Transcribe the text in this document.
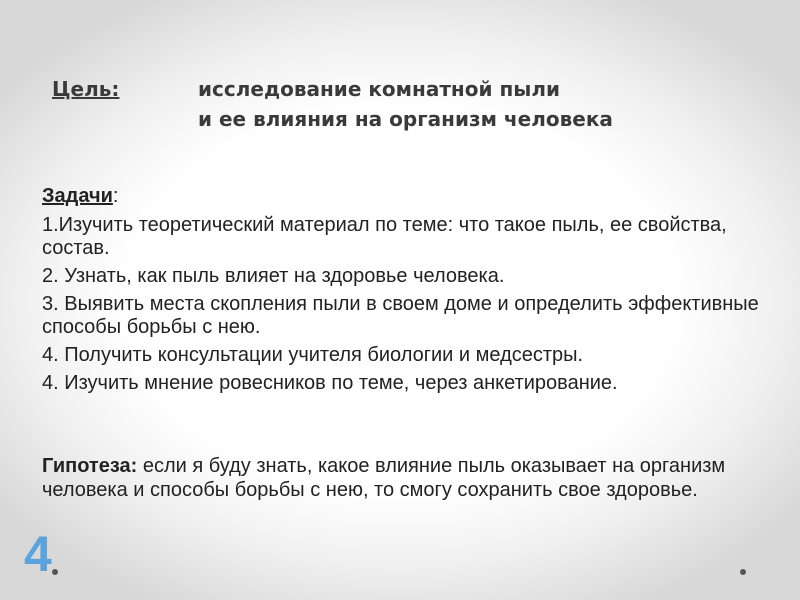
Цель:	исследование комнатной пыли
и ее влияния на организм человека
Задачи:
1.Изучить теоретический материал по теме: что такое пыль, ее свойства, состав.
2. Узнать, как пыль влияет на здоровье человека.
3. Выявить места скопления пыли в своем доме и определить эффективные способы борьбы с нею.
4. Получить консультации учителя биологии и медсестры.
4. Изучить мнение ровесников по теме, через анкетирование.
Гипотеза: если я буду знать, какое влияние пыль оказывает на организм человека и способы борьбы с нею, то смогу сохранить свое здоровье.
4
